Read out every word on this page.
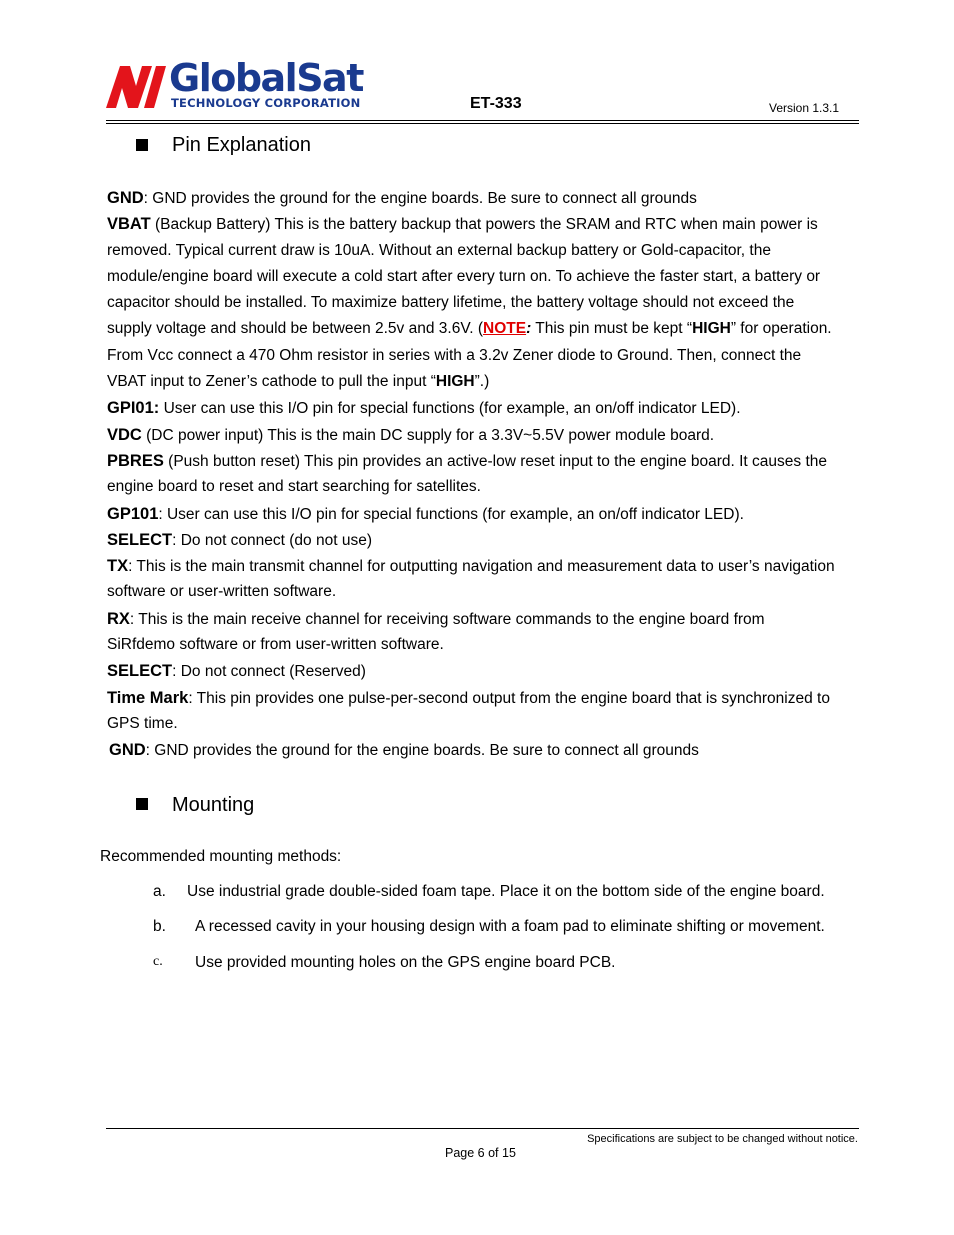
GlobalSat
TECHNOLOGY CORPORATION	ET-333	Version 1.3.1
Pin Explanation
GND: GND provides the ground for the engine boards. Be sure to connect all grounds
VBAT (Backup Battery) This is the battery backup that powers the SRAM and RTC when main power is
removed. Typical current draw is 10uA. Without an external backup battery or Gold-capacitor, the
module/engine board will execute a cold start after every turn on. To achieve the faster start, a battery or
capacitor should be installed. To maximize battery lifetime, the battery voltage should not exceed the
supply voltage and should be between 2.5v and 3.6V. (NOTE: This pin must be kept “HIGH” for operation.
From Vcc connect a 470 Ohm resistor in series with a 3.2v Zener diode to Ground. Then, connect the
VBAT input to Zener’s cathode to pull the input “HIGH”.)
GPI01: User can use this I/O pin for special functions (for example, an on/off indicator LED).
VDC (DC power input) This is the main DC supply for a 3.3V~5.5V power module board.
PBRES (Push button reset) This pin provides an active-low reset input to the engine board. It causes the
engine board to reset and start searching for satellites.
GP101: User can use this I/O pin for special functions (for example, an on/off indicator LED).
SELECT: Do not connect (do not use)
TX: This is the main transmit channel for outputting navigation and measurement data to user’s navigation
software or user-written software.
RX: This is the main receive channel for receiving software commands to the engine board from
SiRfdemo software or from user-written software.
SELECT: Do not connect (Reserved)
Time Mark: This pin provides one pulse-per-second output from the engine board that is synchronized to
GPS time.
GND: GND provides the ground for the engine boards. Be sure to connect all grounds
Mounting
Recommended mounting methods:
a. Use industrial grade double-sided foam tape. Place it on the bottom side of the engine board.
b. A recessed cavity in your housing design with a foam pad to eliminate shifting or movement.
c. Use provided mounting holes on the GPS engine board PCB.
Specifications are subject to be changed without notice.
Page 6 of 15
